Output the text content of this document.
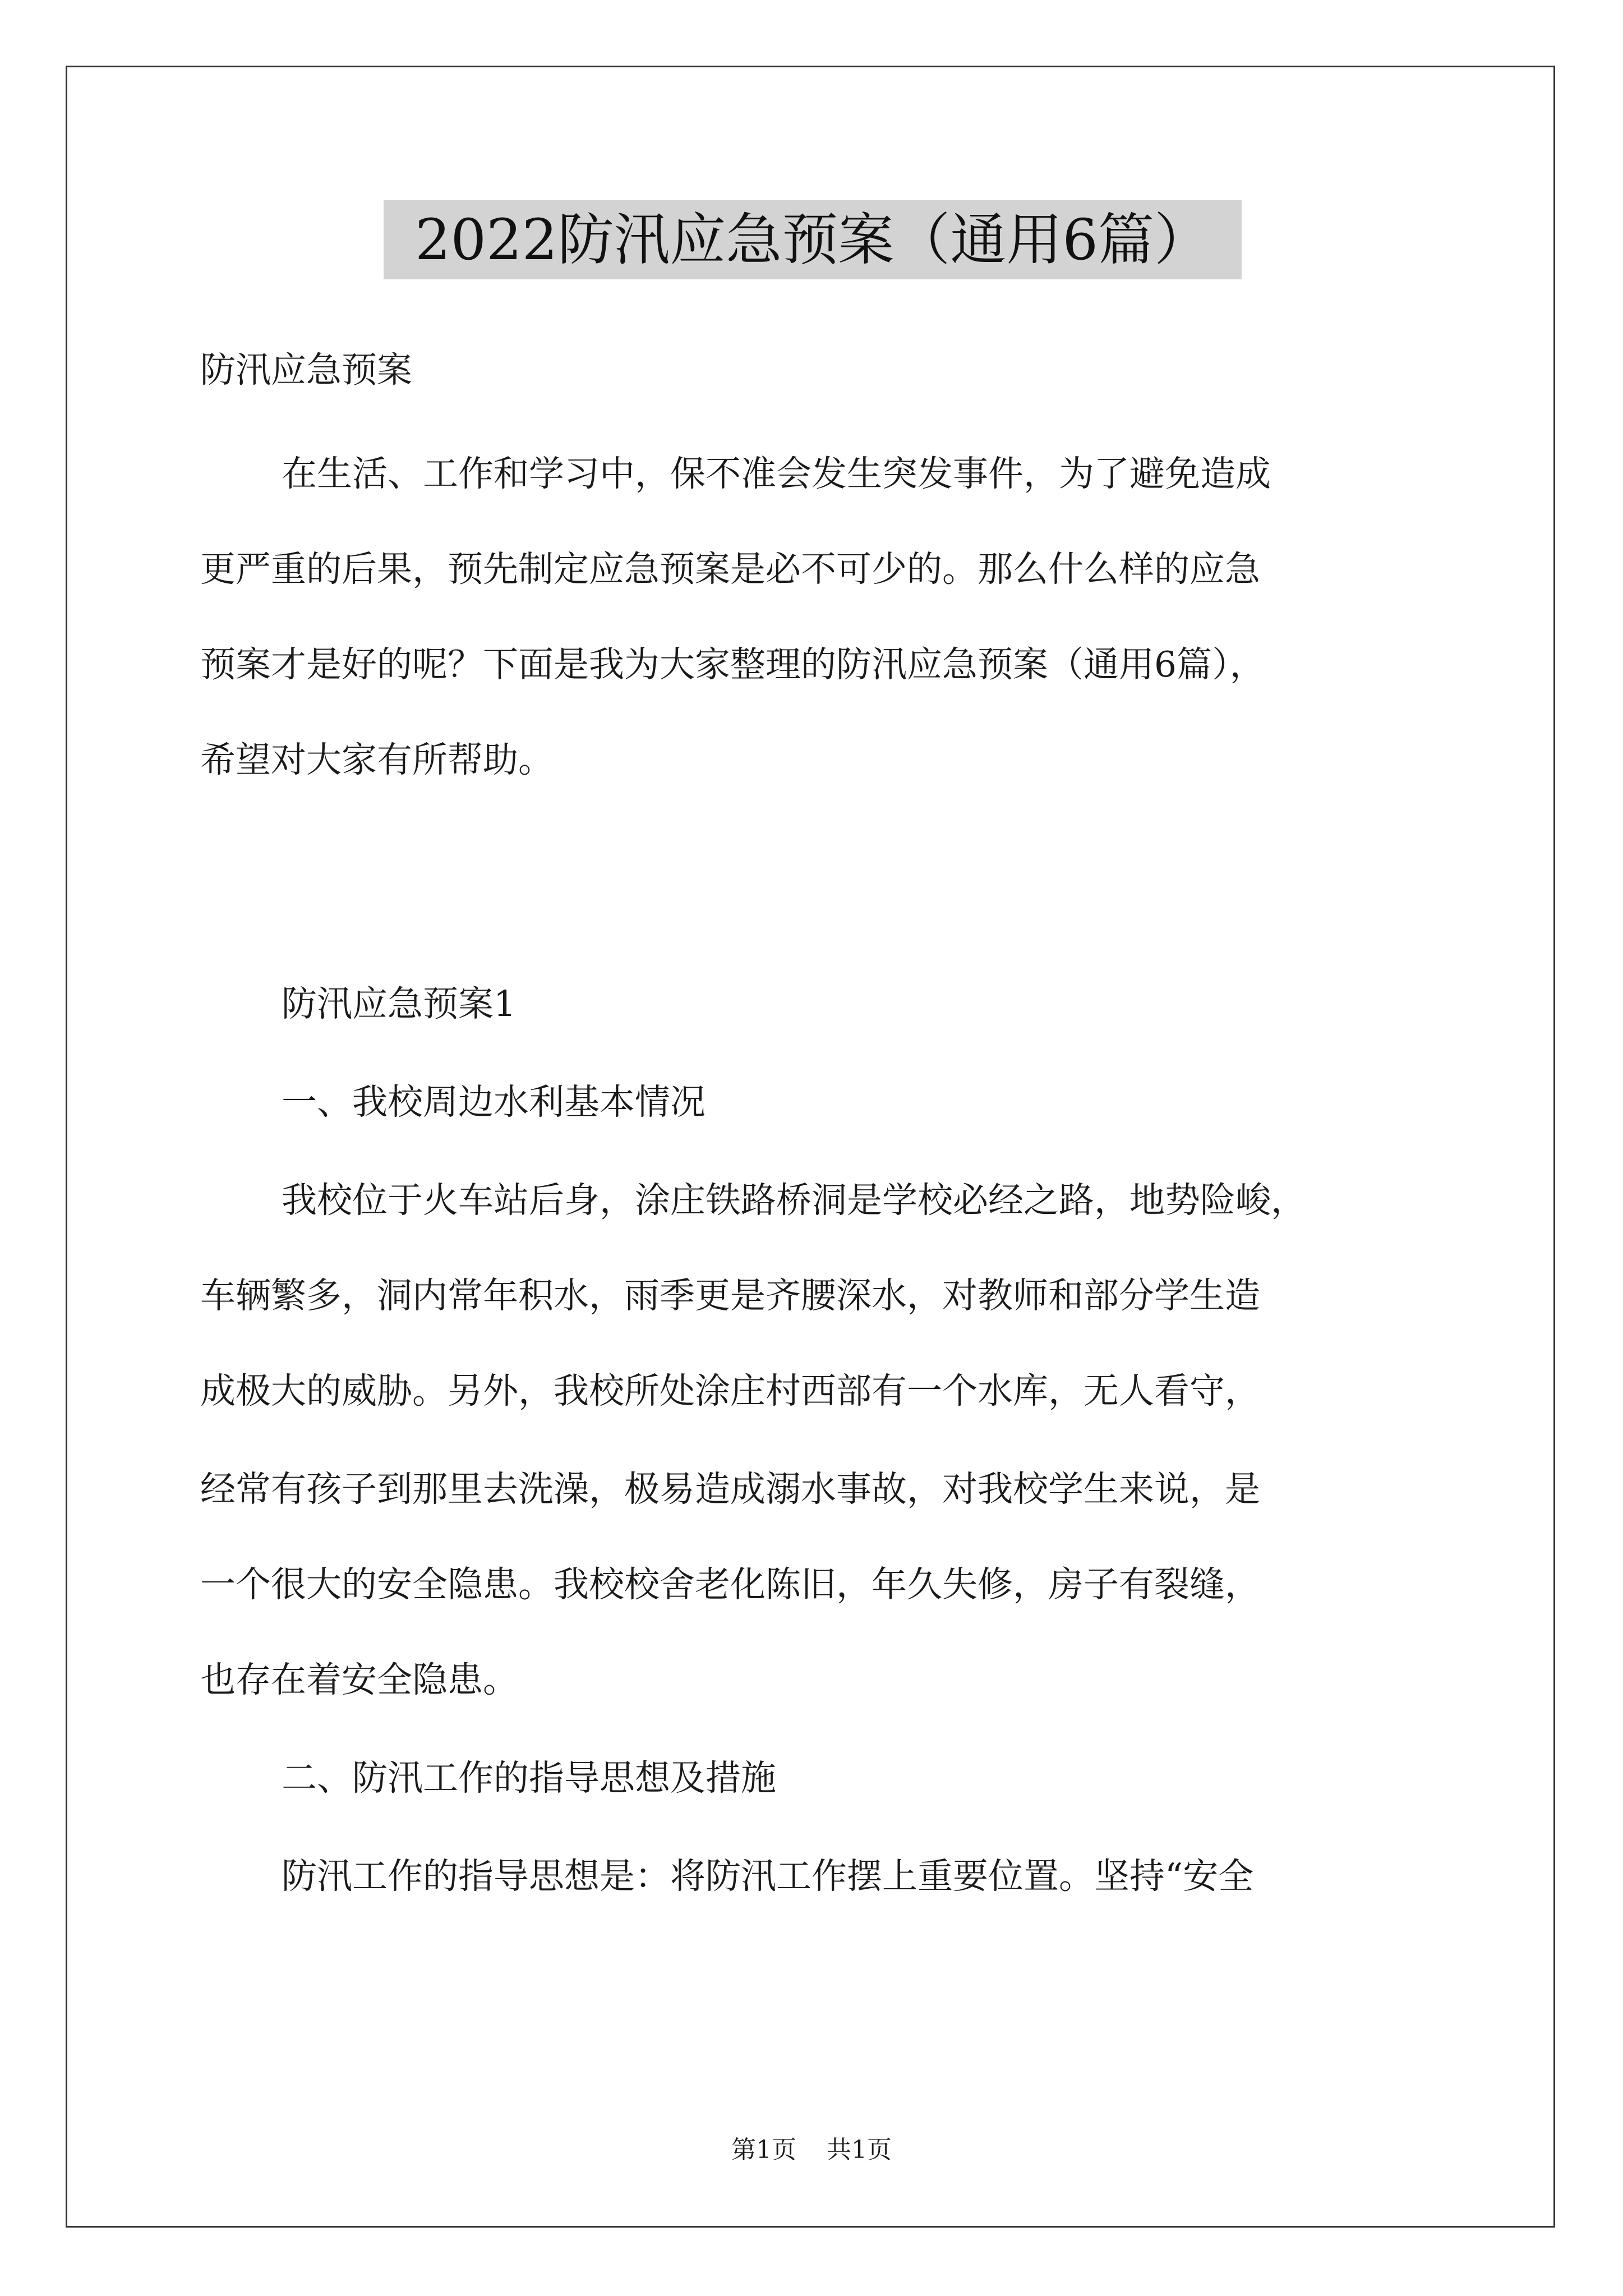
2022防汛应急预案（通用6篇）
防汛应急预案
在生活、工作和学习中，保不准会发生突发事件，为了避免造成
更严重的后果，预先制定应急预案是必不可少的。那么什么样的应急
预案才是好的呢？下面是我为大家整理的防汛应急预案（通用6篇），
希望对大家有所帮助。
防汛应急预案1
一、我校周边水利基本情况
我校位于火车站后身，涂庄铁路桥洞是学校必经之路，地势险峻，
车辆繁多，洞内常年积水，雨季更是齐腰深水，对教师和部分学生造
成极大的威胁。另外，我校所处涂庄村西部有一个水库，无人看守，
经常有孩子到那里去洗澡，极易造成溺水事故，对我校学生来说，是
一个很大的安全隐患。我校校舍老化陈旧，年久失修，房子有裂缝，
也存在着安全隐患。
二、防汛工作的指导思想及措施
防汛工作的指导思想是：将防汛工作摆上重要位置。坚持“安全
第1页 共1页
